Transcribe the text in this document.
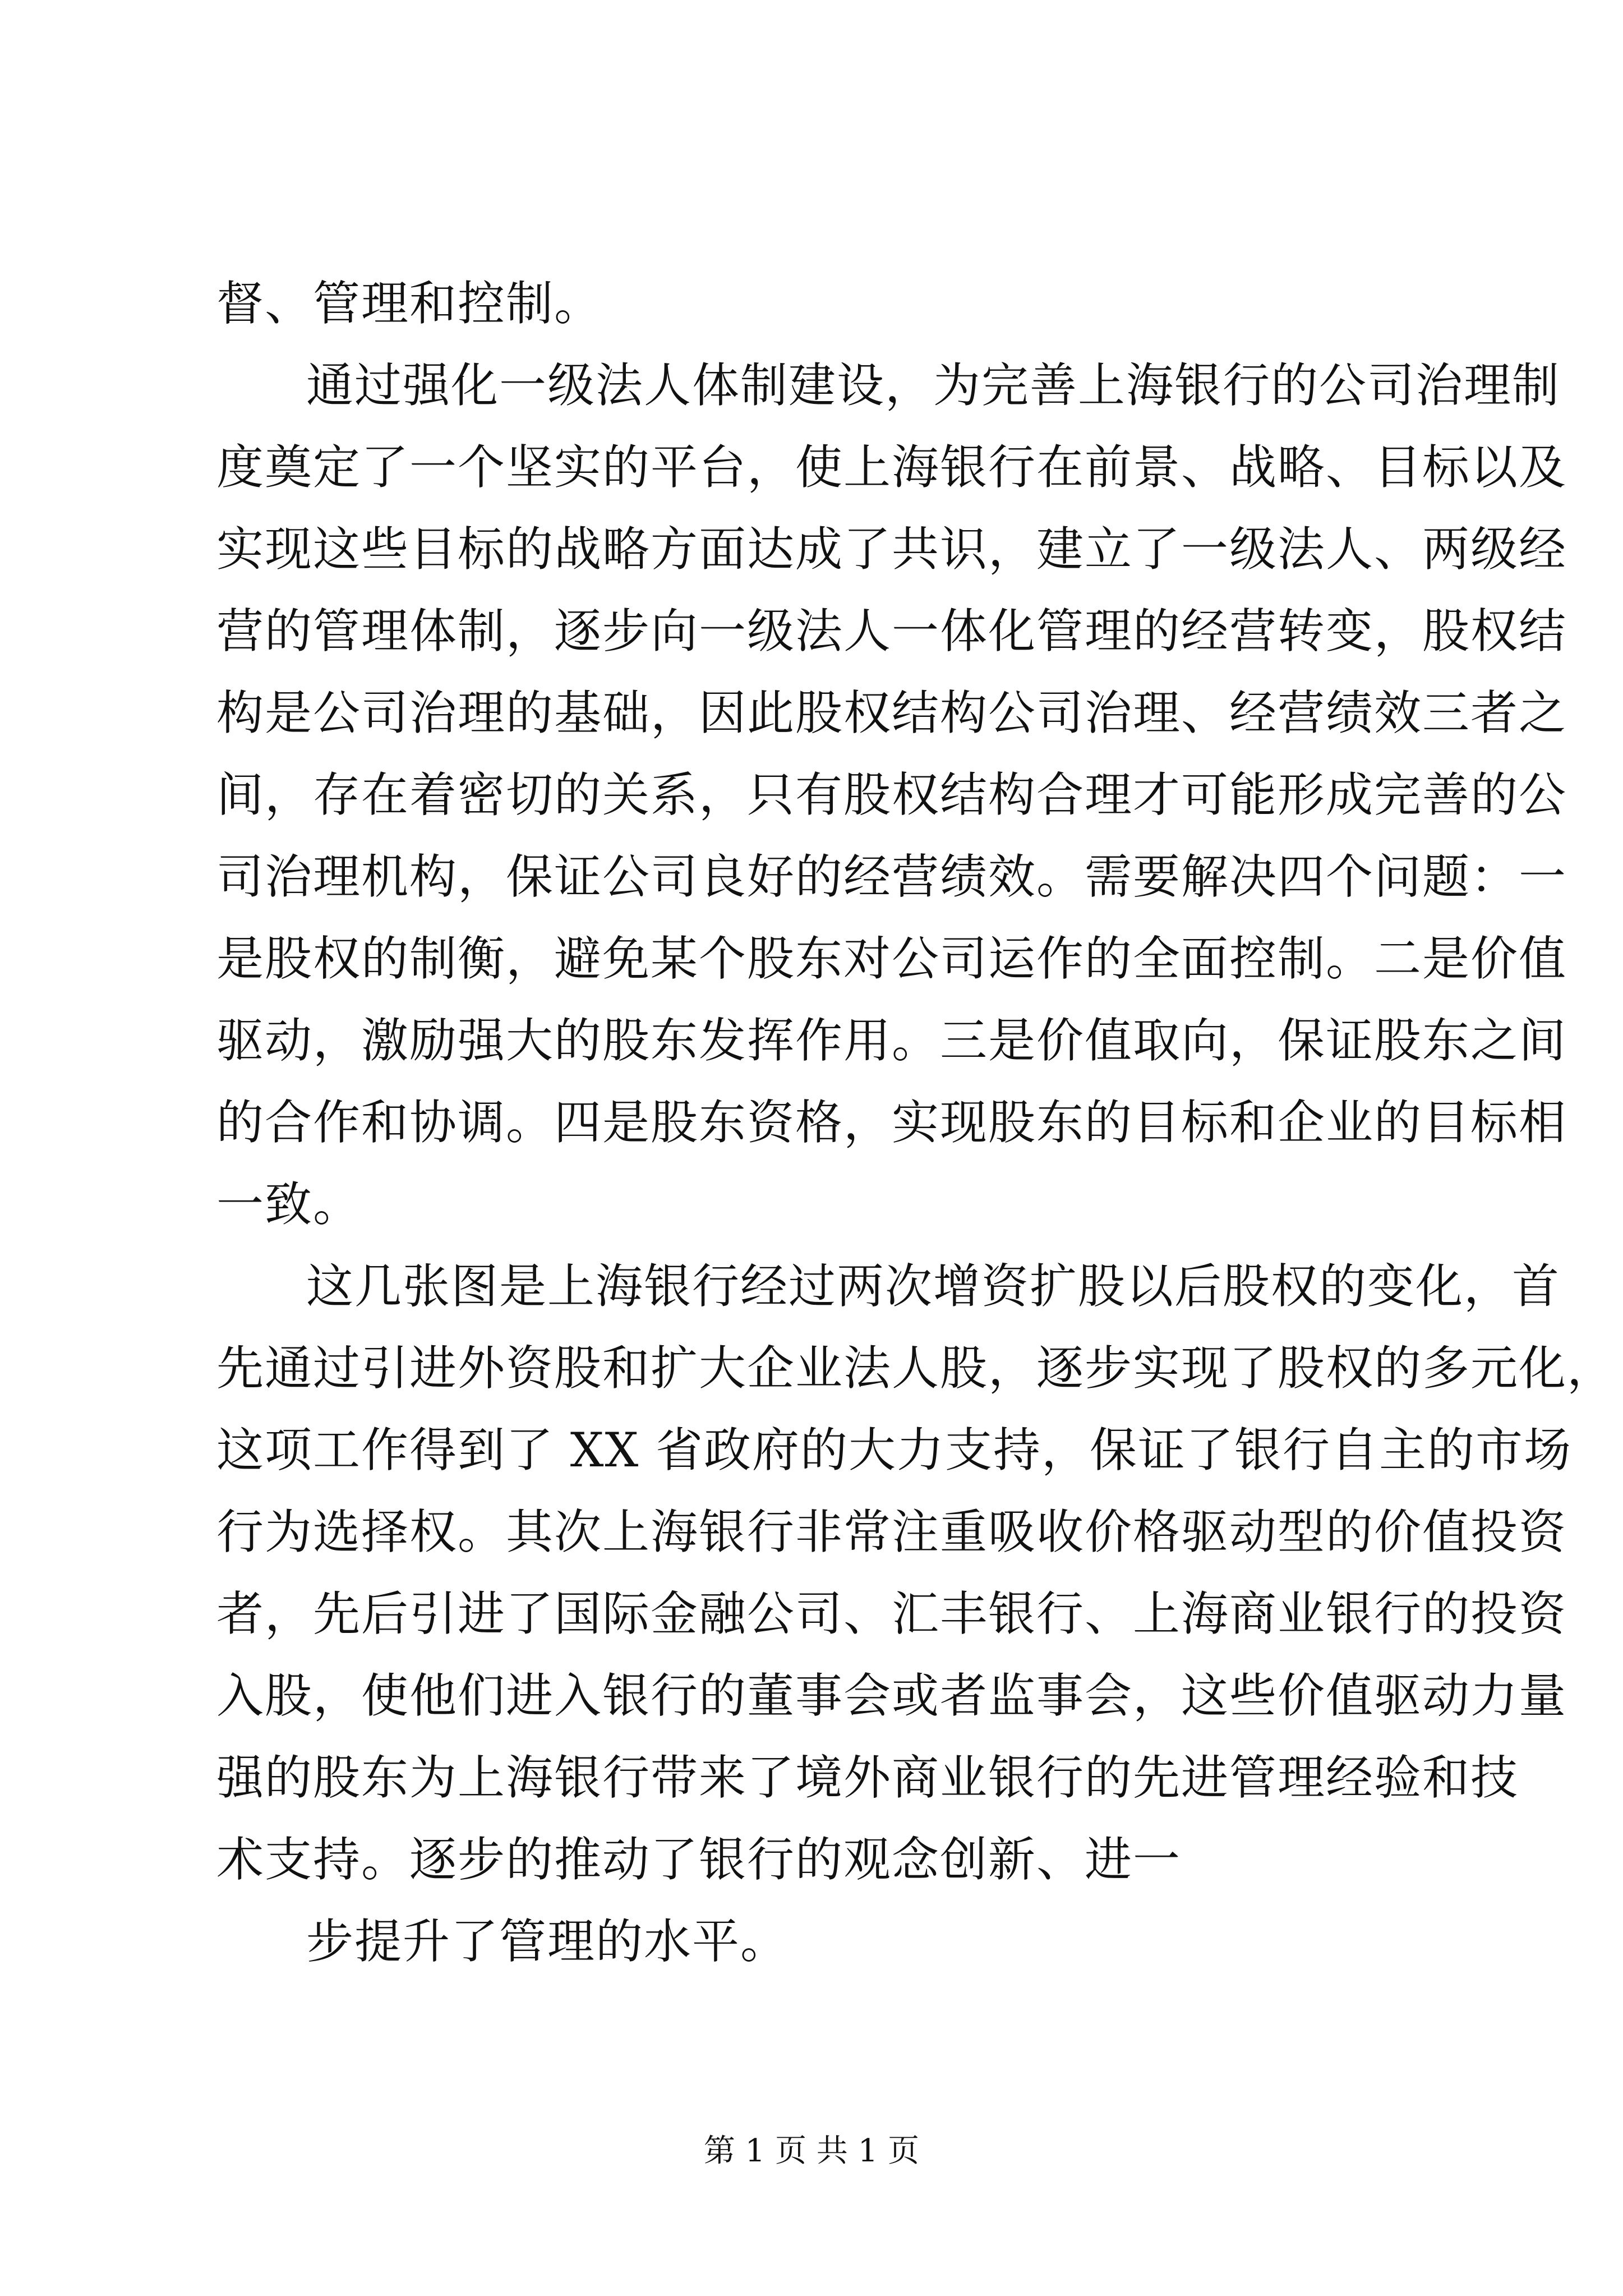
督、管理和控制。
通过强化一级法人体制建设，为完善上海银行的公司治理制
度奠定了一个坚实的平台，使上海银行在前景、战略、目标以及
实现这些目标的战略方面达成了共识，建立了一级法人、两级经
营的管理体制，逐步向一级法人一体化管理的经营转变，股权结
构是公司治理的基础，因此股权结构公司治理、经营绩效三者之
间，存在着密切的关系，只有股权结构合理才可能形成完善的公
司治理机构，保证公司良好的经营绩效。需要解决四个问题：一
是股权的制衡，避免某个股东对公司运作的全面控制。二是价值
驱动，激励强大的股东发挥作用。三是价值取向，保证股东之间
的合作和协调。四是股东资格，实现股东的目标和企业的目标相
一致。
这几张图是上海银行经过两次增资扩股以后股权的变化，首
先通过引进外资股和扩大企业法人股，逐步实现了股权的多元化，
这项工作得到了 XX 省政府的大力支持，保证了银行自主的市场
行为选择权。其次上海银行非常注重吸收价格驱动型的价值投资
者，先后引进了国际金融公司、汇丰银行、上海商业银行的投资
入股，使他们进入银行的董事会或者监事会，这些价值驱动力量
强的股东为上海银行带来了境外商业银行的先进管理经验和技
术支持。逐步的推动了银行的观念创新、进一
步提升了管理的水平。
第 1 页 共 1 页
